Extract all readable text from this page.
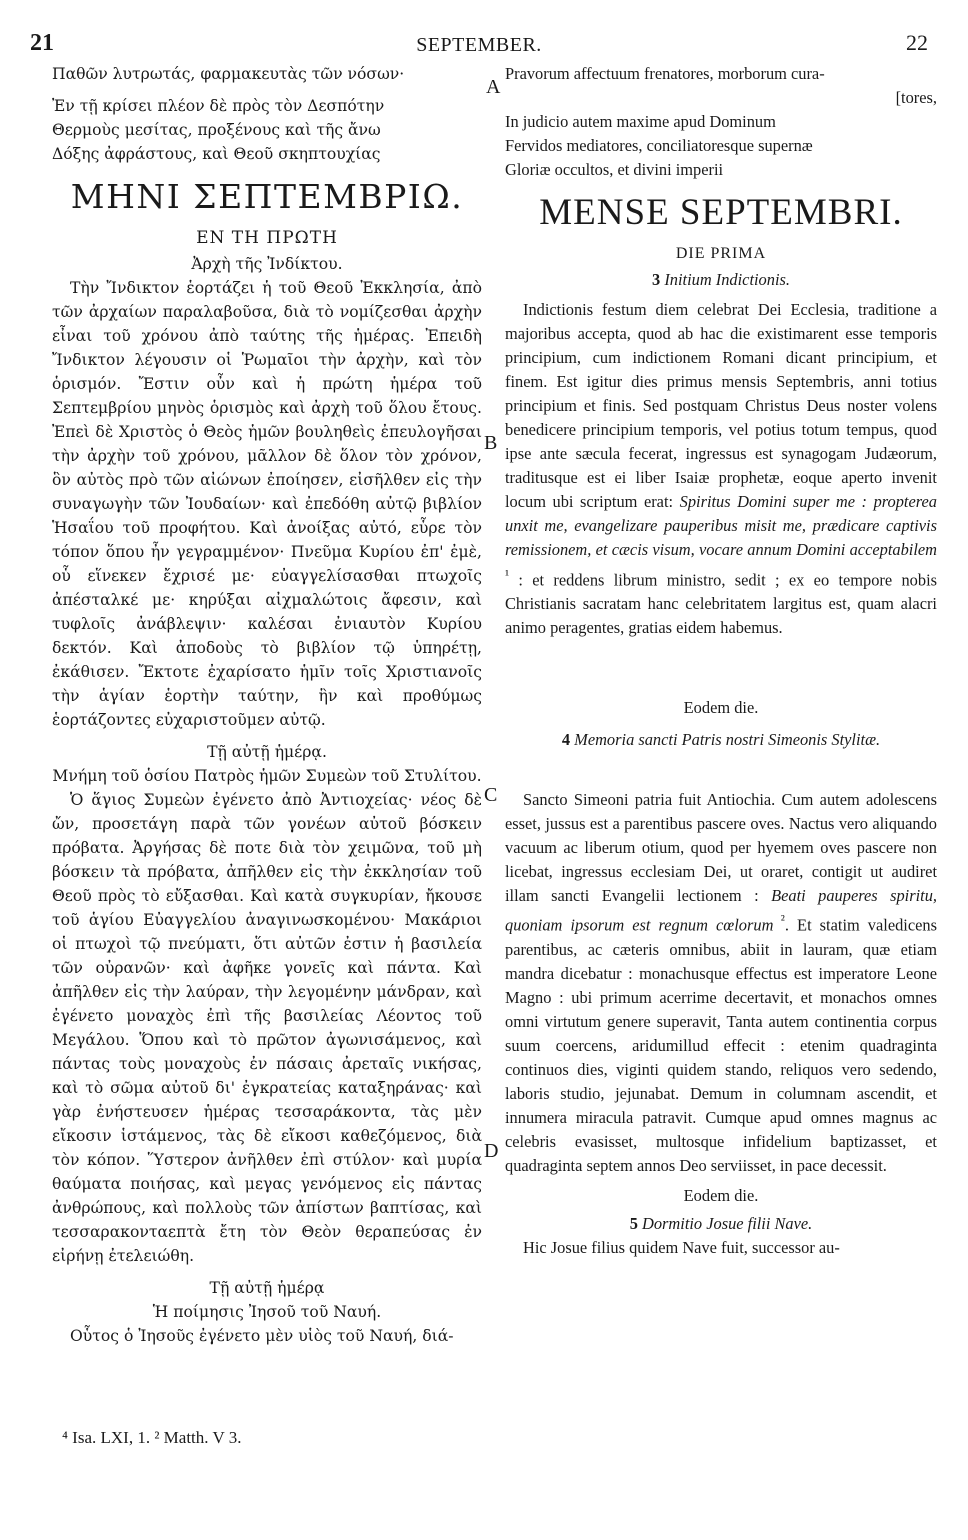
21	SEPTEMBER.	22
Παθῶν λυτρωτάς, φαρμακευτὰς τῶν νόσων·
Ἐν τῇ κρίσει πλέον δὲ πρὸς τὸν Δεσπότην
Θερμοὺς μεσίτας, προξένους καὶ τῆς ἄνω
Δόξης ἀφράστους, καὶ Θεοῦ σκηπτουχίας
ΜΗΝΙ ΣΕΠΤΕΜΒΡΙΩ.
ΕΝ ΤΗ ΠΡΩΤΗ

Ἀρχὴ τῆς Ἰνδίκτου.

Τὴν Ἴνδικτον ἑορτάζει ἡ τοῦ Θεοῦ Ἐκκλησία, ἀπὸ τῶν ἀρχαίων παραλαβοῦσα, διὰ τὸ νομίζεσθαι ἀρχὴν εἶναι τοῦ χρόνου ἀπὸ ταύτης τῆς ἡμέρας. Ἐπειδὴ Ἴνδικτον λέγουσιν οἱ Ῥωμαῖοι τὴν ἀρχὴν, καὶ τὸν ὁρισμόν. Ἔστιν οὖν καὶ ἡ πρώτη ἡμέρα τοῦ Σεπτεμβρίου μηνὸς ὁρισμὸς καὶ ἀρχὴ τοῦ ὅλου ἔτους. Ἐπεὶ δὲ Χριστὸς ὁ Θεὸς ἡμῶν βουληθεὶς ἐπευλογῆσαι τὴν ἀρχὴν τοῦ χρόνου, μᾶλλον δὲ ὅλον τὸν χρόνον, ὃν αὐτὸς πρὸ τῶν αἰώνων ἐποίησεν, εἰσῆλθεν εἰς τὴν συναγωγὴν τῶν Ἰουδαίων· καὶ ἐπεδόθη αὐτῷ βιβλίον Ἡσαΐου τοῦ προφήτου. Καὶ ἀνοίξας αὐτό, εὗρε τὸν τόπον ὅπου ἦν γεγραμμένον· Πνεῦμα Κυρίου ἐπ' ἐμὲ, οὗ εἵνεκεν ἔχρισέ με· εὐαγγελίσασθαι πτωχοῖς ἀπέσταλκέ με· κηρύξαι αἰχμαλώτοις ἄφεσιν, καὶ τυφλοῖς ἀνάβλεψιν· καλέσαι ἐνιαυτὸν Κυρίου δεκτόν. Καὶ ἀποδοὺς τὸ βιβλίον τῷ ὑπηρέτῃ, ἐκάθισεν. Ἔκτοτε ἐχαρίσατο ἡμῖν τοῖς Χριστιανοῖς τὴν ἁγίαν ἑορτὴν ταύτην, ἣν καὶ προθύμως ἑορτάζοντες εὐχαριστοῦμεν αὐτῷ.

Τῇ αὐτῇ ἡμέρᾳ.

Μνήμη τοῦ ὁσίου Πατρὸς ἡμῶν Συμεὼν τοῦ Στυλίτου.

Ὁ ἅγιος Συμεὼν ἐγένετο ἀπὸ Ἀντιοχείας· νέος δὲ ὤν, προσετάγη παρὰ τῶν γονέων αὐτοῦ βόσκειν πρόβατα. Ἀργήσας δὲ ποτε διὰ τὸν χειμῶνα, τοῦ μὴ βόσκειν τὰ πρόβατα, ἀπῆλθεν εἰς τὴν ἐκκλησίαν τοῦ Θεοῦ πρὸς τὸ εὔξασθαι. Καὶ κατὰ συγκυρίαν, ἤκουσε τοῦ ἁγίου Εὐαγγελίου ἀναγινωσκομένου· Μακάριοι οἱ πτωχοὶ τῷ πνεύματι, ὅτι αὐτῶν ἐστιν ἡ βασιλεία τῶν οὐρανῶν· καὶ ἀφῆκε γονεῖς καὶ πάντα. Καὶ ἀπῆλθεν εἰς τὴν λαύραν, τὴν λεγομένην μάνδραν, καὶ ἐγένετο μοναχὸς ἐπὶ τῆς βασιλείας Λέοντος τοῦ Μεγάλου. Ὅπου καὶ τὸ πρῶτον ἀγωνισάμενος, καὶ πάντας τοὺς μοναχοὺς ἐν πάσαις ἀρεταῖς νικήσας, καὶ τὸ σῶμα αὐτοῦ δι' ἐγκρατείας καταξηράνας· καὶ γὰρ ἐνήστευσεν ἡμέρας τεσσαράκοντα, τὰς μὲν εἴκοσιν ἱστάμενος, τὰς δὲ εἴκοσι καθεζόμενος, διὰ τὸν κόπον. Ὕστερον ἀνῆλθεν ἐπὶ στύλον· καὶ μυρία θαύματα ποιήσας, καὶ μεγας γενόμενος εἰς πάντας ἀνθρώπους, καὶ πολλοὺς τῶν ἀπίστων βαπτίσας, καὶ τεσσαρακονταεπτὰ ἔτη τὸν Θεὸν θεραπεύσας ἐν εἰρήνῃ ἐτελειώθη.

Τῇ αὐτῇ ἡμέρᾳ

Ἡ ποίμησις Ἰησοῦ τοῦ Ναυή.

Οὗτος ὁ Ἰησοῦς ἐγένετο μὲν υἱὸς τοῦ Ναυή, διά-

Pravorum affectuum frenatores, morborum cura-
[tores,
In judicio autem maxime apud Dominum
Fervidos mediatores, conciliatoresque supernæ
Gloriæ occultos, et divini imperii
MENSE SEPTEMBRI.
DIE PRIMA

3 Initium Indictionis.

Indictionis festum diem celebrat Dei Ecclesia, traditione a majoribus accepta, quod ab hac die existimarent esse temporis principium, cum indictionem Romani dicant principium, et finem. Est igitur dies primus mensis Septembris, anni totius principium et finis. Sed postquam Christus Deus noster volens benedicere principium temporis, vel potius totum tempus, quod ipse ante sæcula fecerat, ingressus est synagogam Judæorum, traditusque est ei liber Isaiæ prophetæ, eoque aperto invenit locum ubi scriptum erat: Spiritus Domini super me : propterea unxit me, evangelizare pauperibus misit me, prædicare captivis remissionem, et cæcis visum, vocare annum Domini acceptabilem $^{^1}$ : et reddens librum ministro, sedit ; ex eo tempore nobis Christianis sacratam hanc celebritatem largitus est, quam alacri animo peragentes, gratias eidem habemus.

Eodem die.

4 Memoria sancti Patris nostri Simeonis Stylitæ.

Sancto Simeoni patria fuit Antiochia. Cum autem adolescens esset, jussus est a parentibus pascere oves. Nactus vero aliquando vacuum ac liberum otium, quod per hyemem oves pascere non licebat, ingressus ecclesiam Dei, ut oraret, contigit ut audiret illam sancti Evangelii lectionem : Beati pauperes spiritu, quoniam ipsorum est regnum cœlorum $^{^2}$. Et statim valedicens parentibus, ac cæteris omnibus, abiit in lauram, quæ etiam mandra dicebatur : monachusque effectus est imperatore Leone Magno : ubi primum acerrime decertavit, et monachos omnes omni virtutum genere superavit, Tanta autem continentia corpus suum coercens, aridumillud effecit : etenim quadraginta continuos dies, viginti quidem stando, reliquos vero sedendo, laboris studio, jejunabat. Demum in columnam ascendit, et innumera miracula patravit. Cumque apud omnes magnus ac celebris evasisset, multosque infidelium baptizasset, et quadraginta septem annos Deo serviisset, in pace decessit.

Eodem die.

5 Dormitio Josue filii Nave.

Hic Josue filius quidem Nave fuit, successor au-

A
B
C
D
⁴ Isa. LXI, 1. ² Matth. V 3.
